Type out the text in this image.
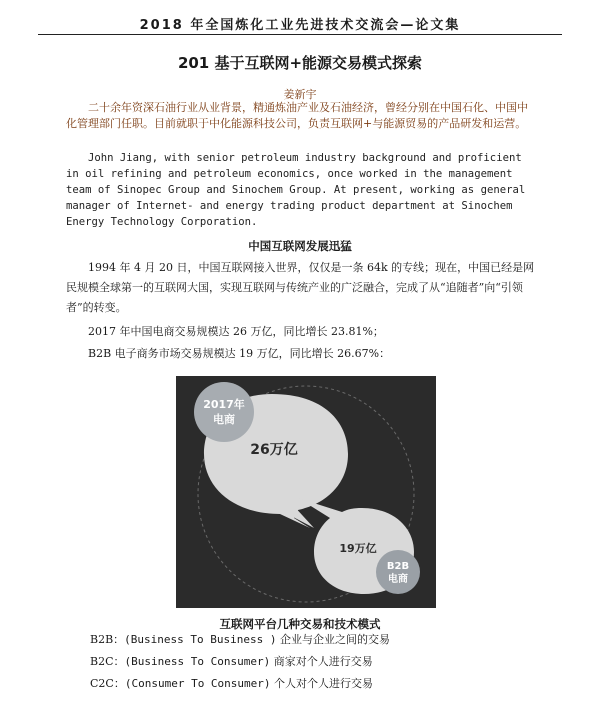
2018 年全国炼化工业先进技术交流会—论文集
201 基于互联网+能源交易模式探索
姜新宇

二十余年资深石油行业从业背景，精通炼油产业及石油经济，曾经分别在中国石化、中国中化管理部门任职。目前就职于中化能源科技公司，负责互联网+与能源贸易的产品研发和运营。

John Jiang, with senior petroleum industry background and proficient in oil refining and petroleum economics, once worked in the management team of Sinopec Group and Sinochem Group. At present, working as general manager of Internet- and energy trading product department at Sinochem Energy Technology Corporation.

中国互联网发展迅猛

1994 年 4 月 20 日，中国互联网接入世界，仅仅是一条 64k 的专线；现在，中国已经是网民规模全球第一的互联网大国，实现互联网与传统产业的广泛融合，完成了从“追随者”向“引领者”的转变。

2017 年中国电商交易规模达 26 万亿，同比增长 23.81%；

B2B 电子商务市场交易规模达 19 万亿，同比增长 26.67%：

2017年
电商
26万亿
19万亿
B2B
电商
互联网平台几种交易和技术模式

B2B：(Business To Business ) 企业与企业之间的交易

B2C：(Business To Consumer) 商家对个人进行交易

C2C：(Consumer To Consumer) 个人对个人进行交易
